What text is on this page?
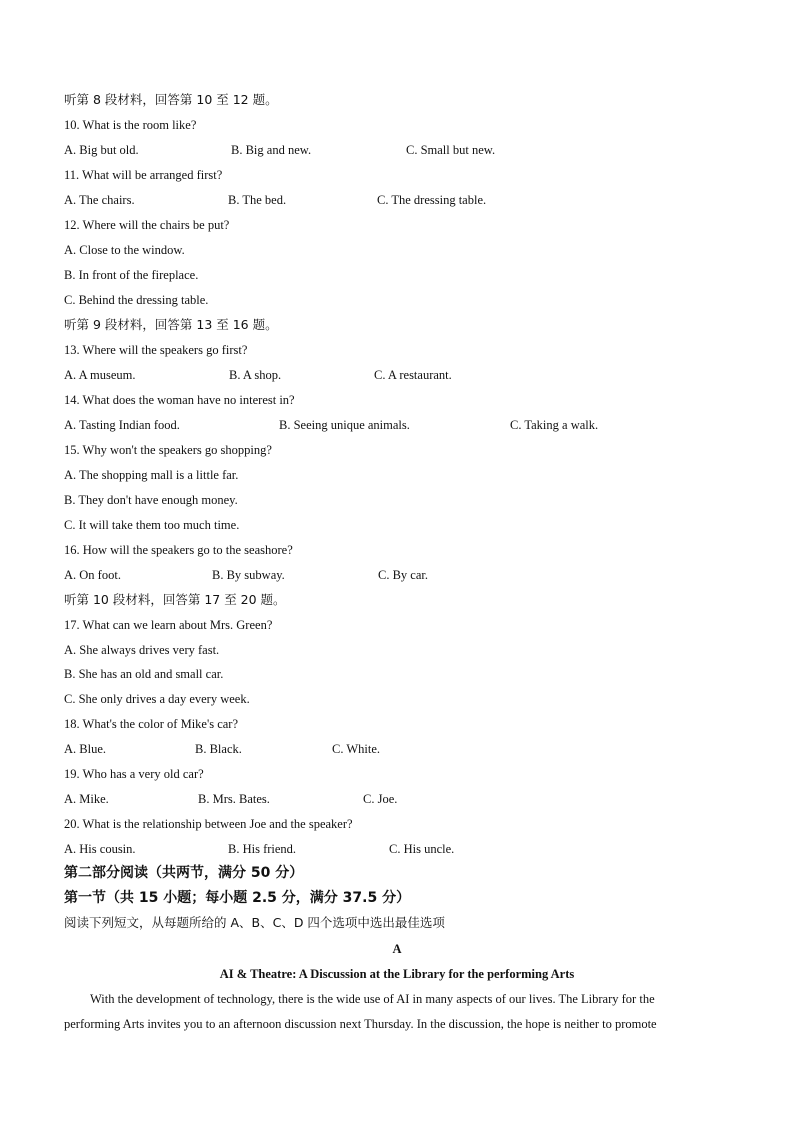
听第 8 段材料，回答第 10 至 12 题。
10. What is the room like?
A. Big but old.	B. Big and new.	C. Small but new.
11. What will be arranged first?
A. The chairs.	B. The bed.	C. The dressing table.
12. Where will the chairs be put?
A. Close to the window.
B. In front of the fireplace.
C. Behind the dressing table.
听第 9 段材料，回答第 13 至 16 题。
13. Where will the speakers go first?
A. A museum.	B. A shop.	C. A restaurant.
14. What does the woman have no interest in?
A. Tasting Indian food.	B. Seeing unique animals.	C. Taking a walk.
15. Why won't the speakers go shopping?
A. The shopping mall is a little far.
B. They don't have enough money.
C. It will take them too much time.
16. How will the speakers go to the seashore?
A. On foot.	B. By subway.	C. By car.
听第 10 段材料，回答第 17 至 20 题。
17. What can we learn about Mrs. Green?
A. She always drives very fast.
B. She has an old and small car.
C. She only drives a day every week.
18. What's the color of Mike's car?
A. Blue.	B. Black.	C. White.
19. Who has a very old car?
A. Mike.	B. Mrs. Bates.	C. Joe.
20. What is the relationship between Joe and the speaker?
A. His cousin.	B. His friend.	C. His uncle.
第二部分阅读（共两节，满分 50 分）
第一节（共 15 小题；每小题 2.5 分，满分 37.5 分）
阅读下列短文，从每题所给的 A、B、C、D 四个选项中选出最佳选项
A
AI & Theatre: A Discussion at the Library for the performing Arts
With the development of technology, there is the wide use of AI in many aspects of our lives. The Library for the
performing Arts invites you to an afternoon discussion next Thursday. In the discussion, the hope is neither to promote
